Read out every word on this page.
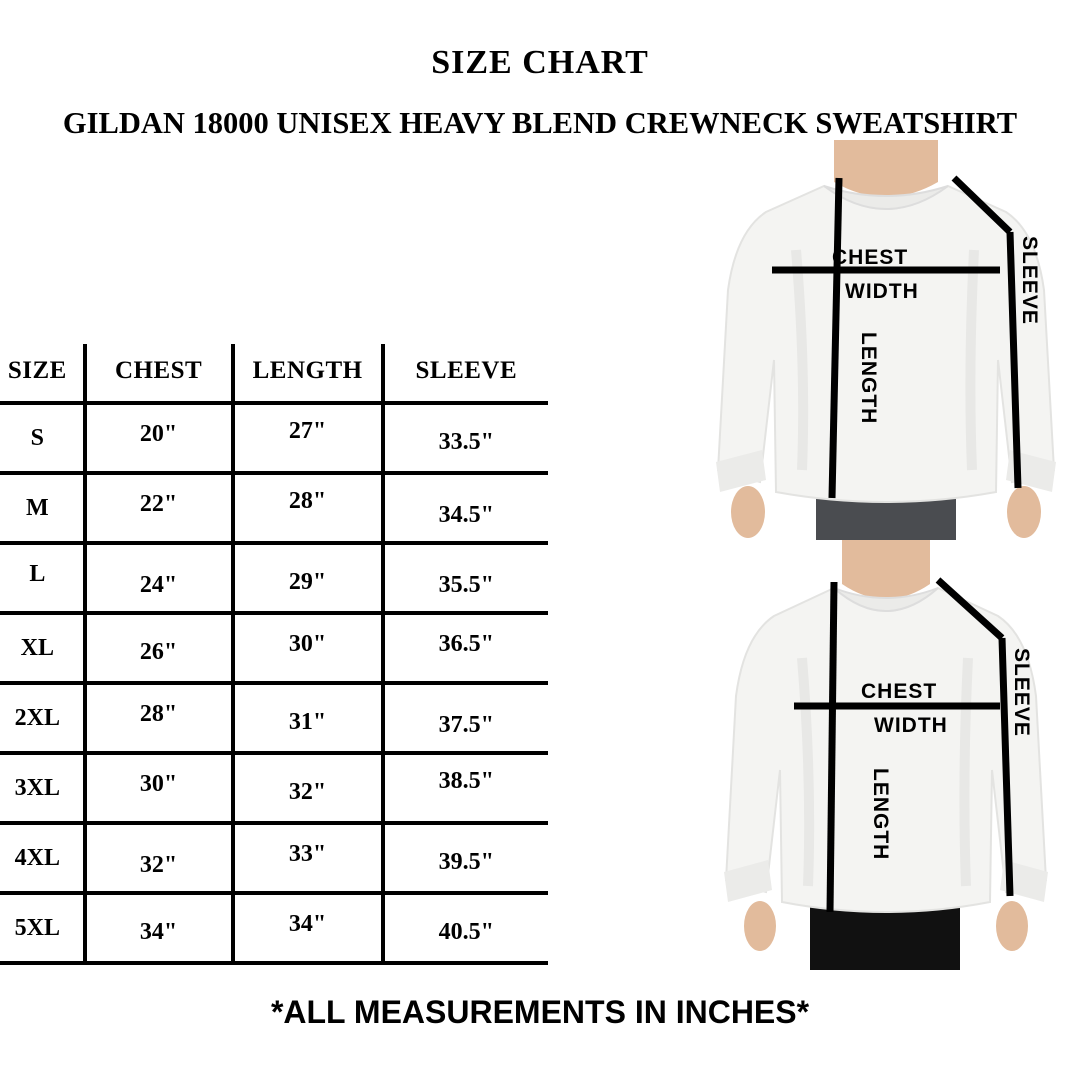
SIZE CHART
GILDAN 18000 UNISEX HEAVY BLEND CREWNECK SWEATSHIRT
SIZE	CHEST	LENGTH	SLEEVE
S	20"	27"	33.5"
M	22"	28"	34.5"
L	24"	29"	35.5"
XL	26"	30"	36.5"
2XL	28"	31"	37.5"
3XL	30"	32"	38.5"
4XL	32"	33"	39.5"
5XL	34"	34"	40.5"
CHEST
WIDTH
LENGTH
SLEEVE
CHEST
WIDTH
LENGTH
SLEEVE
*ALL MEASUREMENTS IN INCHES*
